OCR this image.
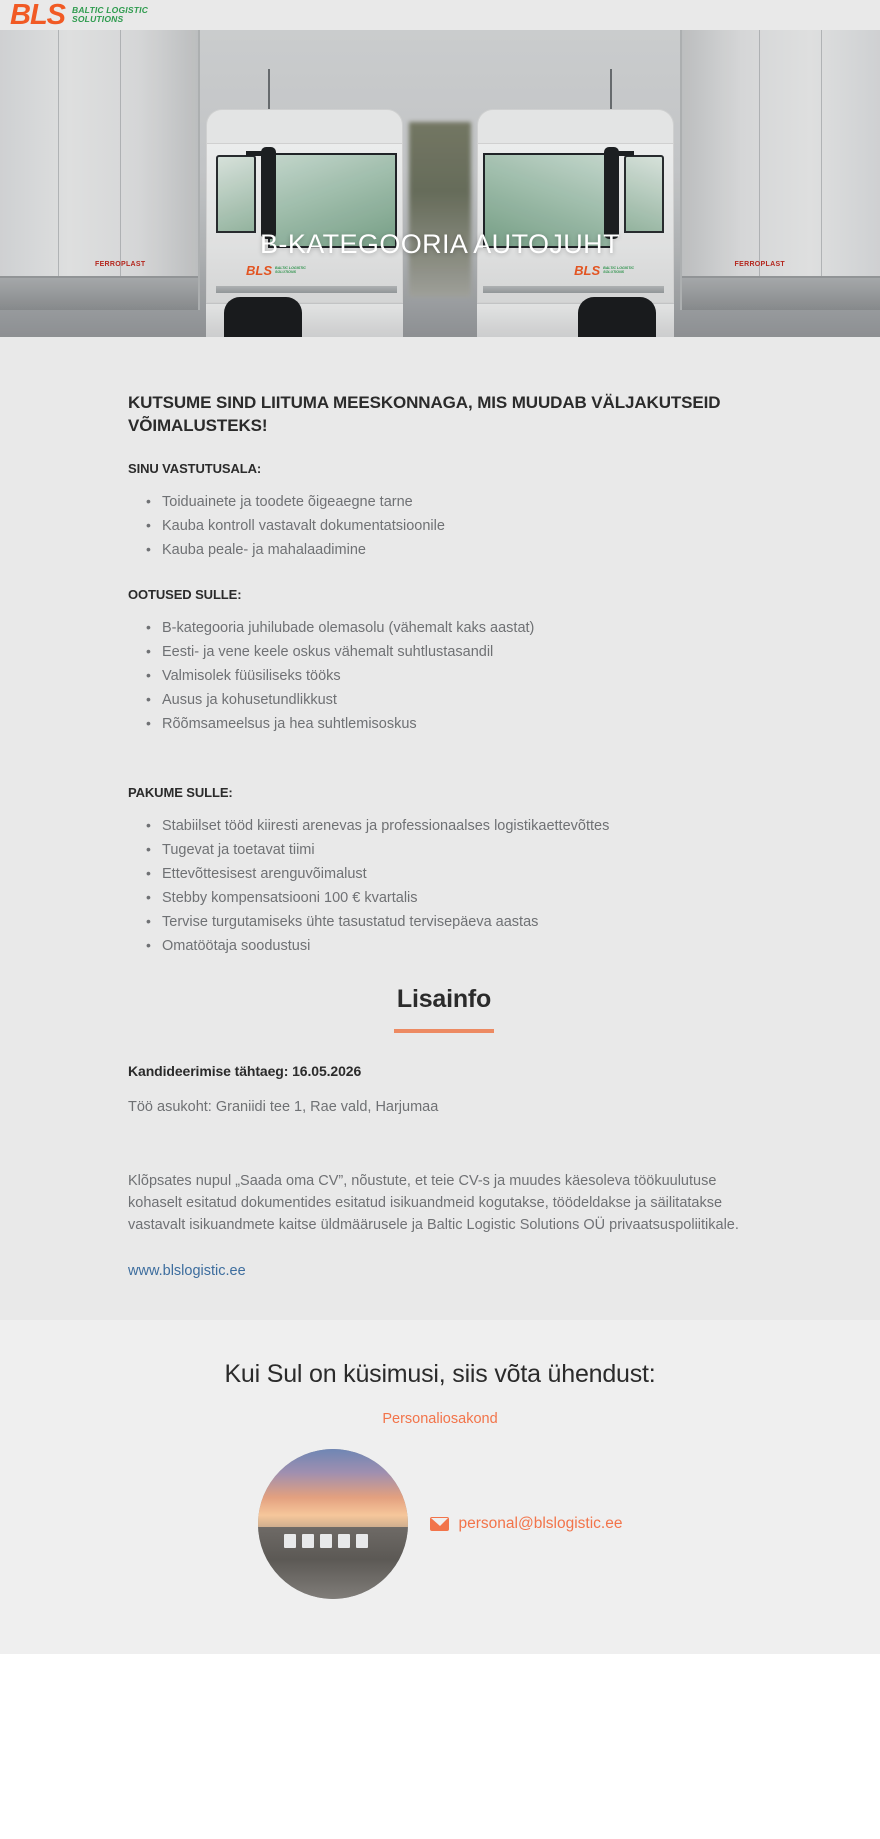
BLS BALTIC LOGISTIC
SOLUTIONS
FERROPLAST	FERROPLAST
BLS BALTIC LOGISTIC
SOLUTIONS	BLS BALTIC LOGISTIC
SOLUTIONS
B-KATEGOORIA AUTOJUHT
KUTSUME SIND LIITUMA MEESKONNAGA, MIS MUUDAB VÄLJAKUTSEID VÕIMALUSTEKS!
SINU VASTUTUSALA:
• Toiduainete ja toodete õigeaegne tarne
• Kauba kontroll vastavalt dokumentatsioonile
• Kauba peale- ja mahalaadimine
OOTUSED SULLE:
• B-kategooria juhilubade olemasolu (vähemalt kaks aastat)
• Eesti- ja vene keele oskus vähemalt suhtlustasandil
• Valmisolek füüsiliseks tööks
• Ausus ja kohusetundlikkust
• Rõõmsameelsus ja hea suhtlemisoskus
PAKUME SULLE:
• Stabiilset tööd kiiresti arenevas ja professionaalses logistikaettevõttes
• Tugevat ja toetavat tiimi
• Ettevõttesisest arenguvõimalust
• Stebby kompensatsiooni 100 € kvartalis
• Tervise turgutamiseks ühte tasustatud tervisepäeva aastas
• Omatöötaja soodustusi
Lisainfo
Kandideerimise tähtaeg: 16.05.2026
Töö asukoht: Graniidi tee 1, Rae vald, Harjumaa
Klõpsates nupul „Saada oma CV”, nõustute, et teie CV-s ja muudes käesoleva töökuulutuse kohaselt esitatud dokumentides esitatud isikuandmeid kogutakse, töödeldakse ja säilitatakse vastavalt isikuandmete kaitse üldmäärusele ja Baltic Logistic Solutions OÜ privaatsuspoliitikale.
www.blslogistic.ee
Kui Sul on küsimusi, siis võta ühendust:
Personaliosakond
personal@blslogistic.ee
